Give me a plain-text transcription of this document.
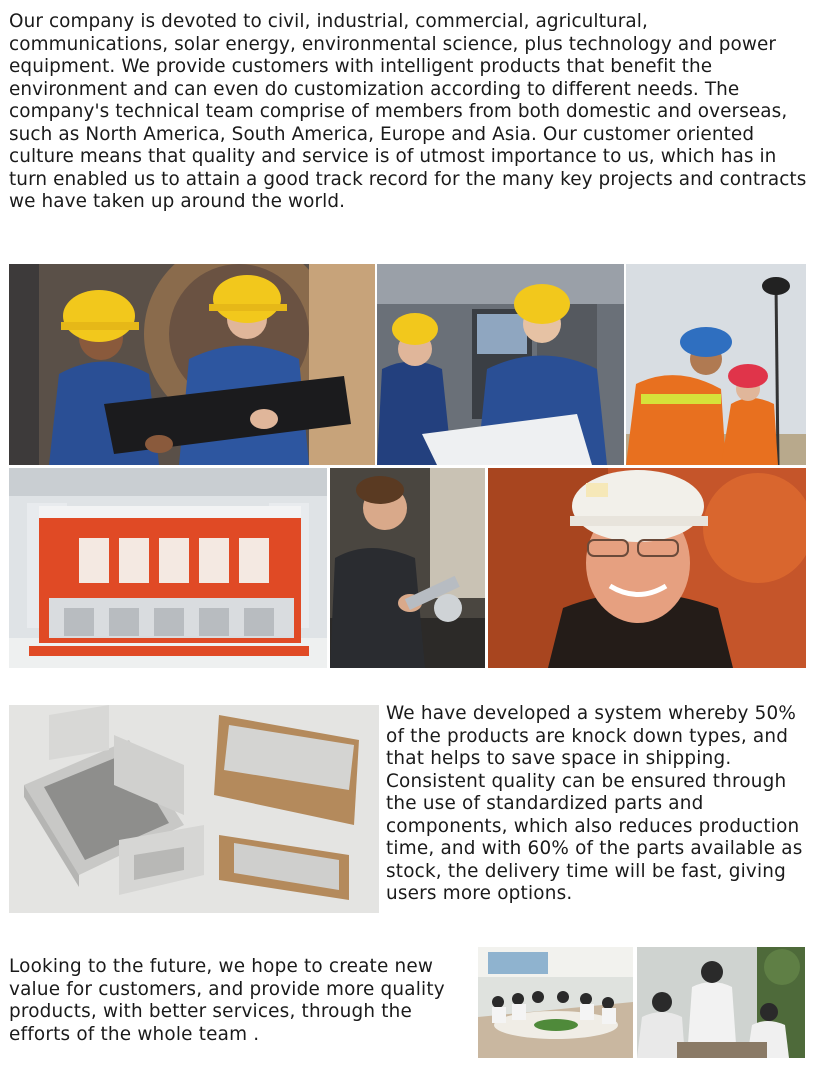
Our company is devoted to civil, industrial, commercial, agricultural, communications, solar energy, environmental science, plus technology and power equipment. We provide customers with intelligent products that benefit the environment and can even do customization according to different needs. The company's technical team comprise of members from both domestic and overseas, such as North America, South America, Europe and Asia. Our customer oriented culture means that quality and service is of utmost importance to us, which has in turn enabled us to attain a good track record for the many key projects and contracts we have taken up around the world.

We have developed a system whereby 50% of the products are knock down types, and that helps to save space in shipping. Consistent quality can be ensured through the use of standardized parts and components, which also reduces production time, and with 60% of the parts available as stock, the delivery time will be fast, giving users more options.

Looking to the future, we hope to create new value for customers, and provide more quality products, with better services, through the efforts of the whole team .
